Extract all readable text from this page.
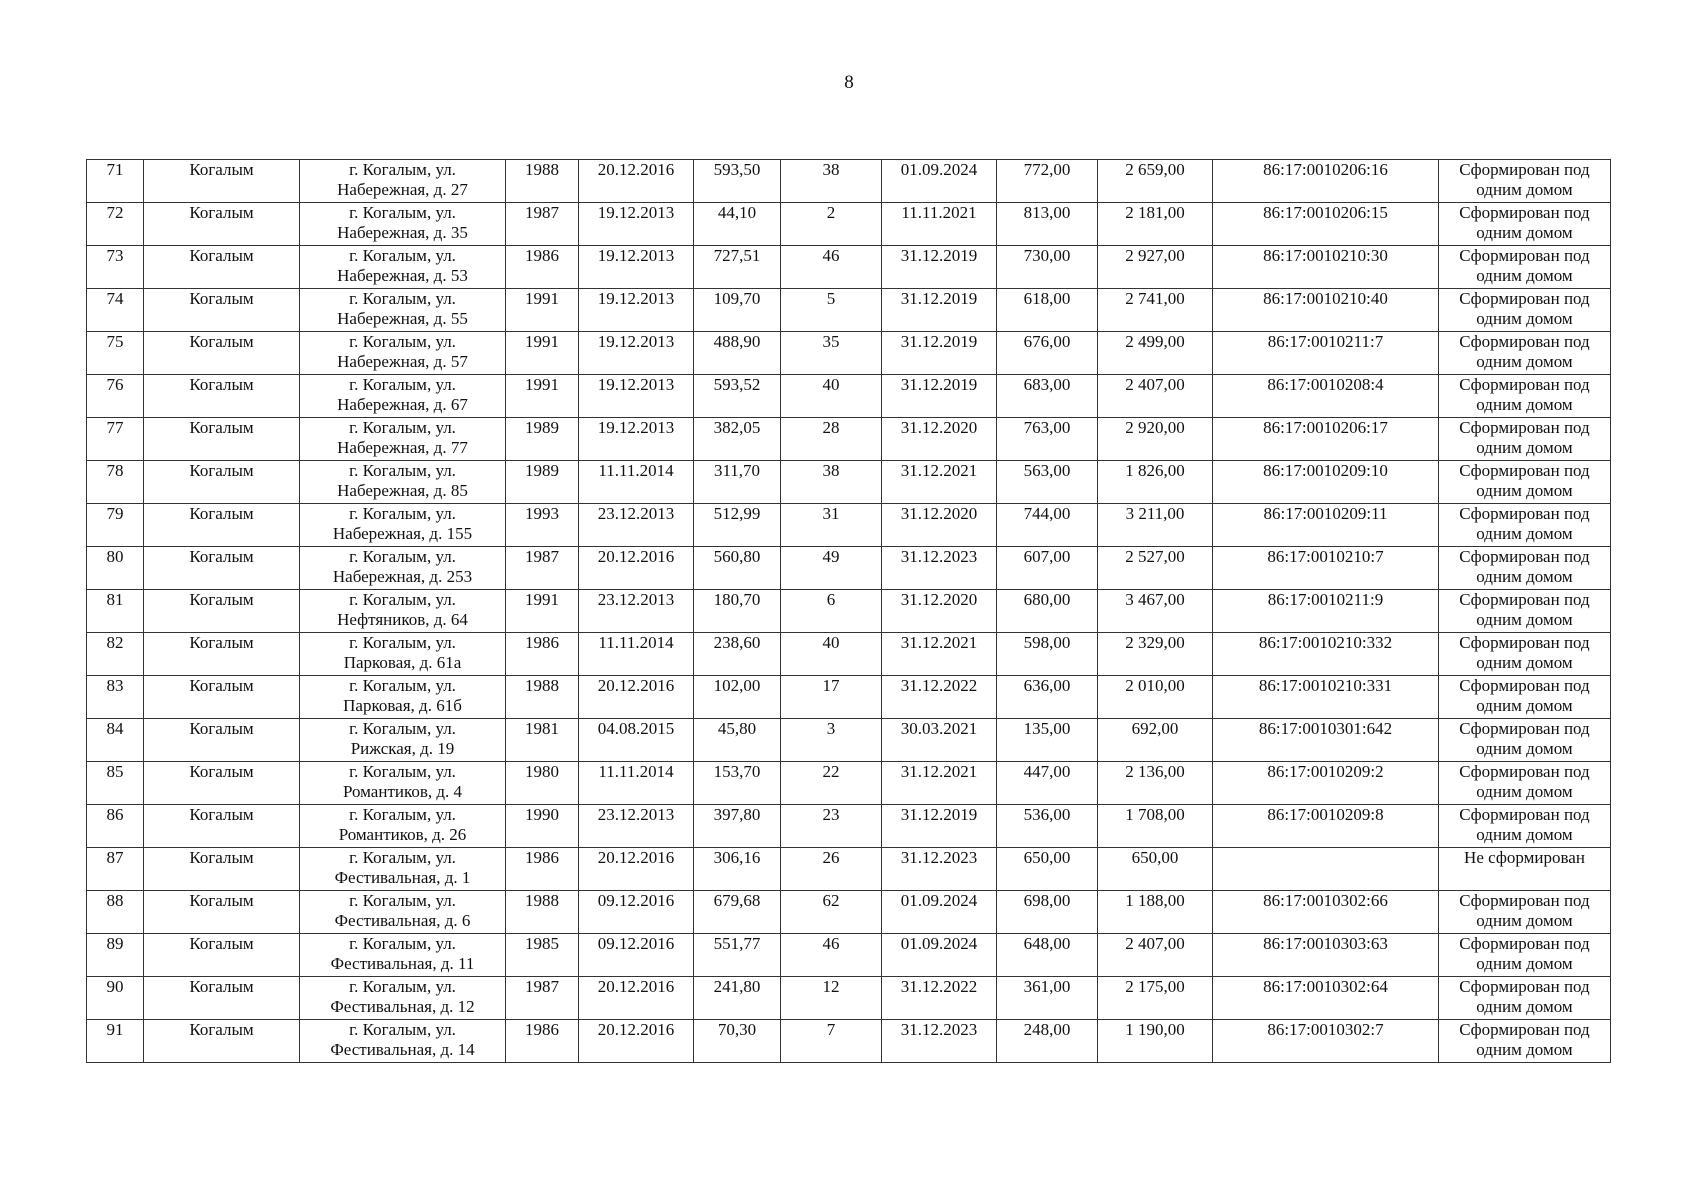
8
71	Когалым	г. Когалым, ул.
Набережная, д. 27	1988	20.12.2016	593,50	38	01.09.2024	772,00	2 659,00	86:17:0010206:16	Сформирован под
одним домом

72	Когалым	г. Когалым, ул.
Набережная, д. 35	1987	19.12.2013	44,10	2	11.11.2021	813,00	2 181,00	86:17:0010206:15	Сформирован под
одним домом

73	Когалым	г. Когалым, ул.
Набережная, д. 53	1986	19.12.2013	727,51	46	31.12.2019	730,00	2 927,00	86:17:0010210:30	Сформирован под
одним домом

74	Когалым	г. Когалым, ул.
Набережная, д. 55	1991	19.12.2013	109,70	5	31.12.2019	618,00	2 741,00	86:17:0010210:40	Сформирован под
одним домом

75	Когалым	г. Когалым, ул.
Набережная, д. 57	1991	19.12.2013	488,90	35	31.12.2019	676,00	2 499,00	86:17:0010211:7	Сформирован под
одним домом

76	Когалым	г. Когалым, ул.
Набережная, д. 67	1991	19.12.2013	593,52	40	31.12.2019	683,00	2 407,00	86:17:0010208:4	Сформирован под
одним домом

77	Когалым	г. Когалым, ул.
Набережная, д. 77	1989	19.12.2013	382,05	28	31.12.2020	763,00	2 920,00	86:17:0010206:17	Сформирован под
одним домом

78	Когалым	г. Когалым, ул.
Набережная, д. 85	1989	11.11.2014	311,70	38	31.12.2021	563,00	1 826,00	86:17:0010209:10	Сформирован под
одним домом

79	Когалым	г. Когалым, ул.
Набережная, д. 155	1993	23.12.2013	512,99	31	31.12.2020	744,00	3 211,00	86:17:0010209:11	Сформирован под
одним домом

80	Когалым	г. Когалым, ул.
Набережная, д. 253	1987	20.12.2016	560,80	49	31.12.2023	607,00	2 527,00	86:17:0010210:7	Сформирован под
одним домом

81	Когалым	г. Когалым, ул.
Нефтяников, д. 64	1991	23.12.2013	180,70	6	31.12.2020	680,00	3 467,00	86:17:0010211:9	Сформирован под
одним домом

82	Когалым	г. Когалым, ул.
Парковая, д. 61а	1986	11.11.2014	238,60	40	31.12.2021	598,00	2 329,00	86:17:0010210:332	Сформирован под
одним домом

83	Когалым	г. Когалым, ул.
Парковая, д. 61б	1988	20.12.2016	102,00	17	31.12.2022	636,00	2 010,00	86:17:0010210:331	Сформирован под
одним домом

84	Когалым	г. Когалым, ул.
Рижская, д. 19	1981	04.08.2015	45,80	3	30.03.2021	135,00	692,00	86:17:0010301:642	Сформирован под
одним домом

85	Когалым	г. Когалым, ул.
Романтиков, д. 4	1980	11.11.2014	153,70	22	31.12.2021	447,00	2 136,00	86:17:0010209:2	Сформирован под
одним домом

86	Когалым	г. Когалым, ул.
Романтиков, д. 26	1990	23.12.2013	397,80	23	31.12.2019	536,00	1 708,00	86:17:0010209:8	Сформирован под
одним домом

87	Когалым	г. Когалым, ул.
Фестивальная, д. 1	1986	20.12.2016	306,16	26	31.12.2023	650,00	650,00		Не сформирован

88	Когалым	г. Когалым, ул.
Фестивальная, д. 6	1988	09.12.2016	679,68	62	01.09.2024	698,00	1 188,00	86:17:0010302:66	Сформирован под
одним домом

89	Когалым	г. Когалым, ул.
Фестивальная, д. 11	1985	09.12.2016	551,77	46	01.09.2024	648,00	2 407,00	86:17:0010303:63	Сформирован под
одним домом

90	Когалым	г. Когалым, ул.
Фестивальная, д. 12	1987	20.12.2016	241,80	12	31.12.2022	361,00	2 175,00	86:17:0010302:64	Сформирован под
одним домом

91	Когалым	г. Когалым, ул.
Фестивальная, д. 14	1986	20.12.2016	70,30	7	31.12.2023	248,00	1 190,00	86:17:0010302:7	Сформирован под
одним домом
